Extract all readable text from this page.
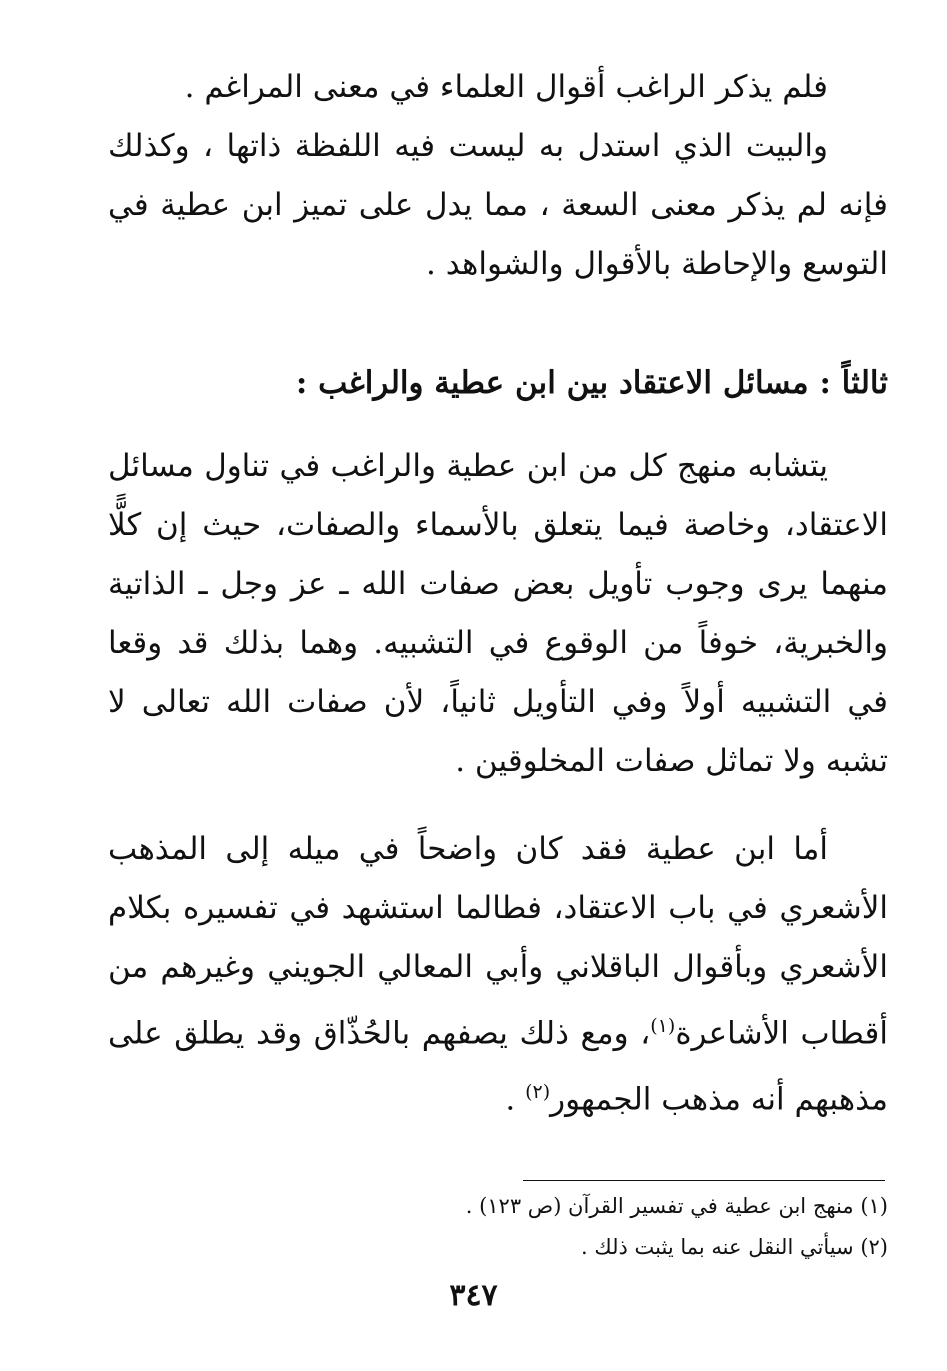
فلم يذكر الراغب أقوال العلماء في معنى المراغم .

والبيت الذي استدل به ليست فيه اللفظة ذاتها ، وكذلك فإنه لم يذكر معنى السعة ، مما يدل على تميز ابن عطية في التوسع والإحاطة بالأقوال والشواهد .

ثالثاً : مسائل الاعتقاد بين ابن عطية والراغب :

يتشابه منهج كل من ابن عطية والراغب في تناول مسائل الاعتقاد، وخاصة فيما يتعلق بالأسماء والصفات، حيث إن كلًّا منهما يرى وجوب تأويل بعض صفات الله ـ عز وجل ـ الذاتية والخبرية، خوفاً من الوقوع في التشبيه. وهما بذلك قد وقعا في التشبيه أولاً وفي التأويل ثانياً، لأن صفات الله تعالى لا تشبه ولا تماثل صفات المخلوقين .

أما ابن عطية فقد كان واضحاً في ميله إلى المذهب الأشعري في باب الاعتقاد، فطالما استشهد في تفسيره بكلام الأشعري وبأقوال الباقلاني وأبي المعالي الجويني وغيرهم من أقطاب الأشاعرة$^{(١)}$، ومع ذلك يصفهم بالحُذّاق وقد يطلق على مذهبهم أنه مذهب الجمهور$^{(٢)}$ .

(١) منهج ابن عطية في تفسير القرآن (ص ١٢٣) .

(٢) سيأتي النقل عنه بما يثبت ذلك .

٣٤٧
